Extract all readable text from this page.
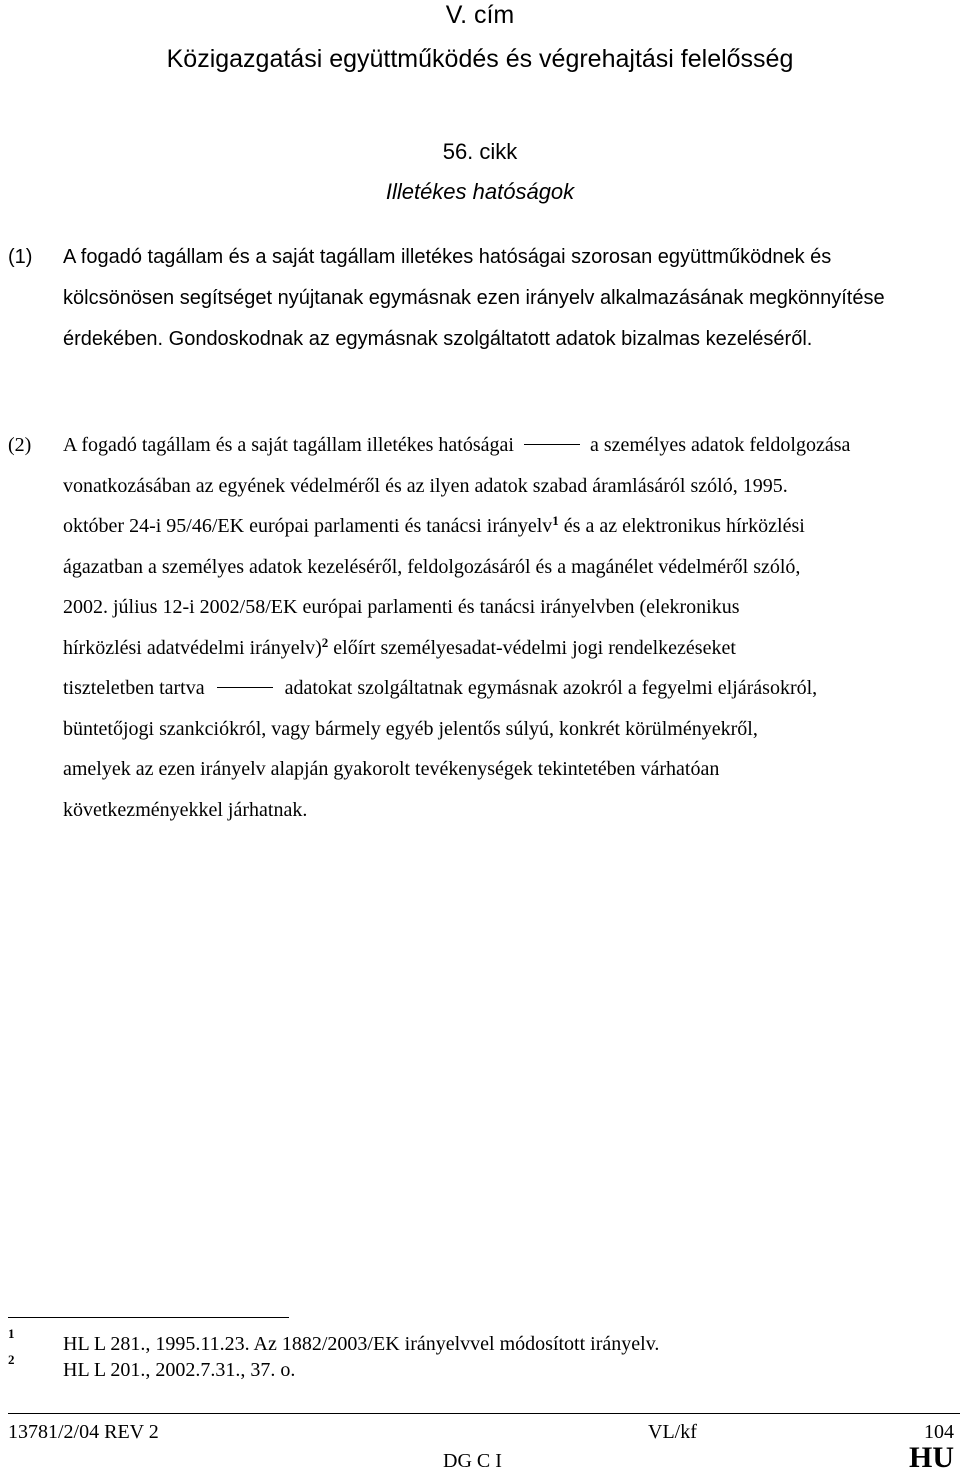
V. cím
Közigazgatási együttműködés és végrehajtási felelősség
56. cikk
Illetékes hatóságok
(1) A fogadó tagállam és a saját tagállam illetékes hatóságai szorosan együttműködnek és
kölcsönösen segítséget nyújtanak egymásnak ezen irányelv alkalmazásának megkönnyítése
érdekében. Gondoskodnak az egymásnak szolgáltatott adatok bizalmas kezeléséről.
(2) A fogadó tagállam és a saját tagállam illetékes hatóságai	a személyes adatok feldolgozása
vonatkozásában az egyének védelméről és az ilyen adatok szabad áramlásáról szóló, 1995.
október 24-i 95/46/EK európai parlamenti és tanácsi irányelv$^1$ és a az elektronikus hírközlési
ágazatban a személyes adatok kezeléséről, feldolgozásáról és a magánélet védelméről szóló,
2002. július 12-i 2002/58/EK európai parlamenti és tanácsi irányelvben (elekronikus
hírközlési adatvédelmi irányelv)$^2$ előírt személyesadat-védelmi jogi rendelkezéseket
tiszteletben tartva	adatokat szolgáltatnak egymásnak azokról a fegyelmi eljárásokról,
büntetőjogi szankciókról, vagy bármely egyéb jelentős súlyú, konkrét körülményekről,
amelyek az ezen irányelv alapján gyakorolt tevékenységek tekintetében várhatóan
következményekkel járhatnak.
1 HL L 281., 1995.11.23. Az 1882/2003/EK irányelvvel módosított irányelv.
2 HL L 201., 2002.7.31., 37. o.
13781/2/04 REV 2	VL/kf	104
DG C I	HU
